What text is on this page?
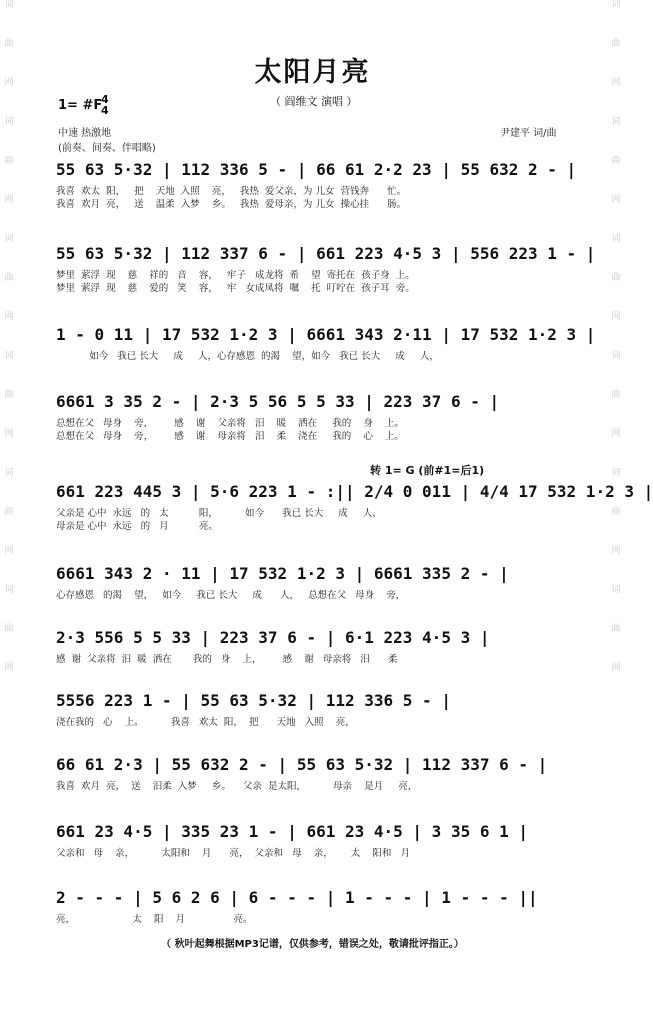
词
曲
网
词
曲
网
词
曲
网
词
曲
网
词
曲
网
词
曲
网
词
曲
网
词
曲
网
词
曲
网
词
曲
网
词
曲
网
词
曲
网
太阳月亮
（ 阎维文 演唱 ）
1= #F
4
4
中速 热激地
(前奏、间奏、伴唱略)
尹建平 词/曲
55 63 5·32 | 112 336 5 - | 66 61 2·2 23 | 55 632 2 - |
我喜  欢太  阳，   把    天地  入照    亮，   我热  爱父亲，为 儿女  营钱奔      忙。
我喜  欢月  亮，   送    温柔  入梦    乡。   我热  爱母亲，为 儿女  操心挂      肠。
55 63 5·32 | 112 337 6 - | 661 223 4·5 3 | 556 223 1 - |
梦里  萦浮  现    慈    祥的   音    容，   牢子   成龙将  希    望  寄托在  孩子身  上。
梦里  萦浮  现    慈    爱的   笑    容，   牢   女成凤将  嘱    托  叮咛在  孩子耳  旁。
1 - 0 11 | 17 532 1·2 3 | 6661 343 2·11 | 17 532 1·2 3 |
如今   我已 长大     成     人，心存感恩  的渴    望，如今   我已 长大     成     人，
6661 3 35 2 - | 2·3 5 56 5 5 33 | 223 37 6 - |
总想在父   母身    旁，       感    谢    父亲将   汨    暖    洒在     我的    身    上。
总想在父   母身    旁，       感    谢    母亲将   汨    柔    浇在     我的    心    上。
转 1= G (前#1=后1)
661 223 445 3 | 5·6 223 1 - :|| 2/4 0 011 | 4/4 17 532 1·2 3 |
父亲是 心中  永远   的   太          阳，         如今      我已 长大     成     人，
母亲是 心中  永远   的   月          亮。
6661 343 2 · 11 | 17 532 1·2 3 | 6661 335 2 - |
心存感恩   的渴    望，   如今     我已 长大     成      人，   总想在父   母身    旁，
2·3 556 5 5 33 | 223 37 6 - | 6·1 223 4·5 3 |
感  谢  父亲将  汨  暖  洒在       我的   身    上，       感    谢   母亲将   汨      柔
5556 223 1 - | 55 63 5·32 | 112 336 5 - |
浇在我的   心    上。         我喜   欢太  阳，  把      天地   入照    亮，
66 61 2·3 | 55 632 2 - | 55 63 5·32 | 112 337 6 - |
我喜  欢月  亮，  送    汨柔  入梦     乡。    父亲  是太阳，         母亲    是月     亮，
661 23 4·5 | 335 23 1 - | 661 23 4·5 | 3 35 6 1 |
父亲和   母    亲，         太阳和    月      亮，  父亲和   母    亲，      太    阳和   月
2 - - - | 5 6 2 6 | 6 - - - | 1 - - - | 1 - - - ||
亮，                   太    阳    月                亮。
（ 秋叶起舞根据MP3记谱，仅供参考，错误之处，敬请批评指正。）
